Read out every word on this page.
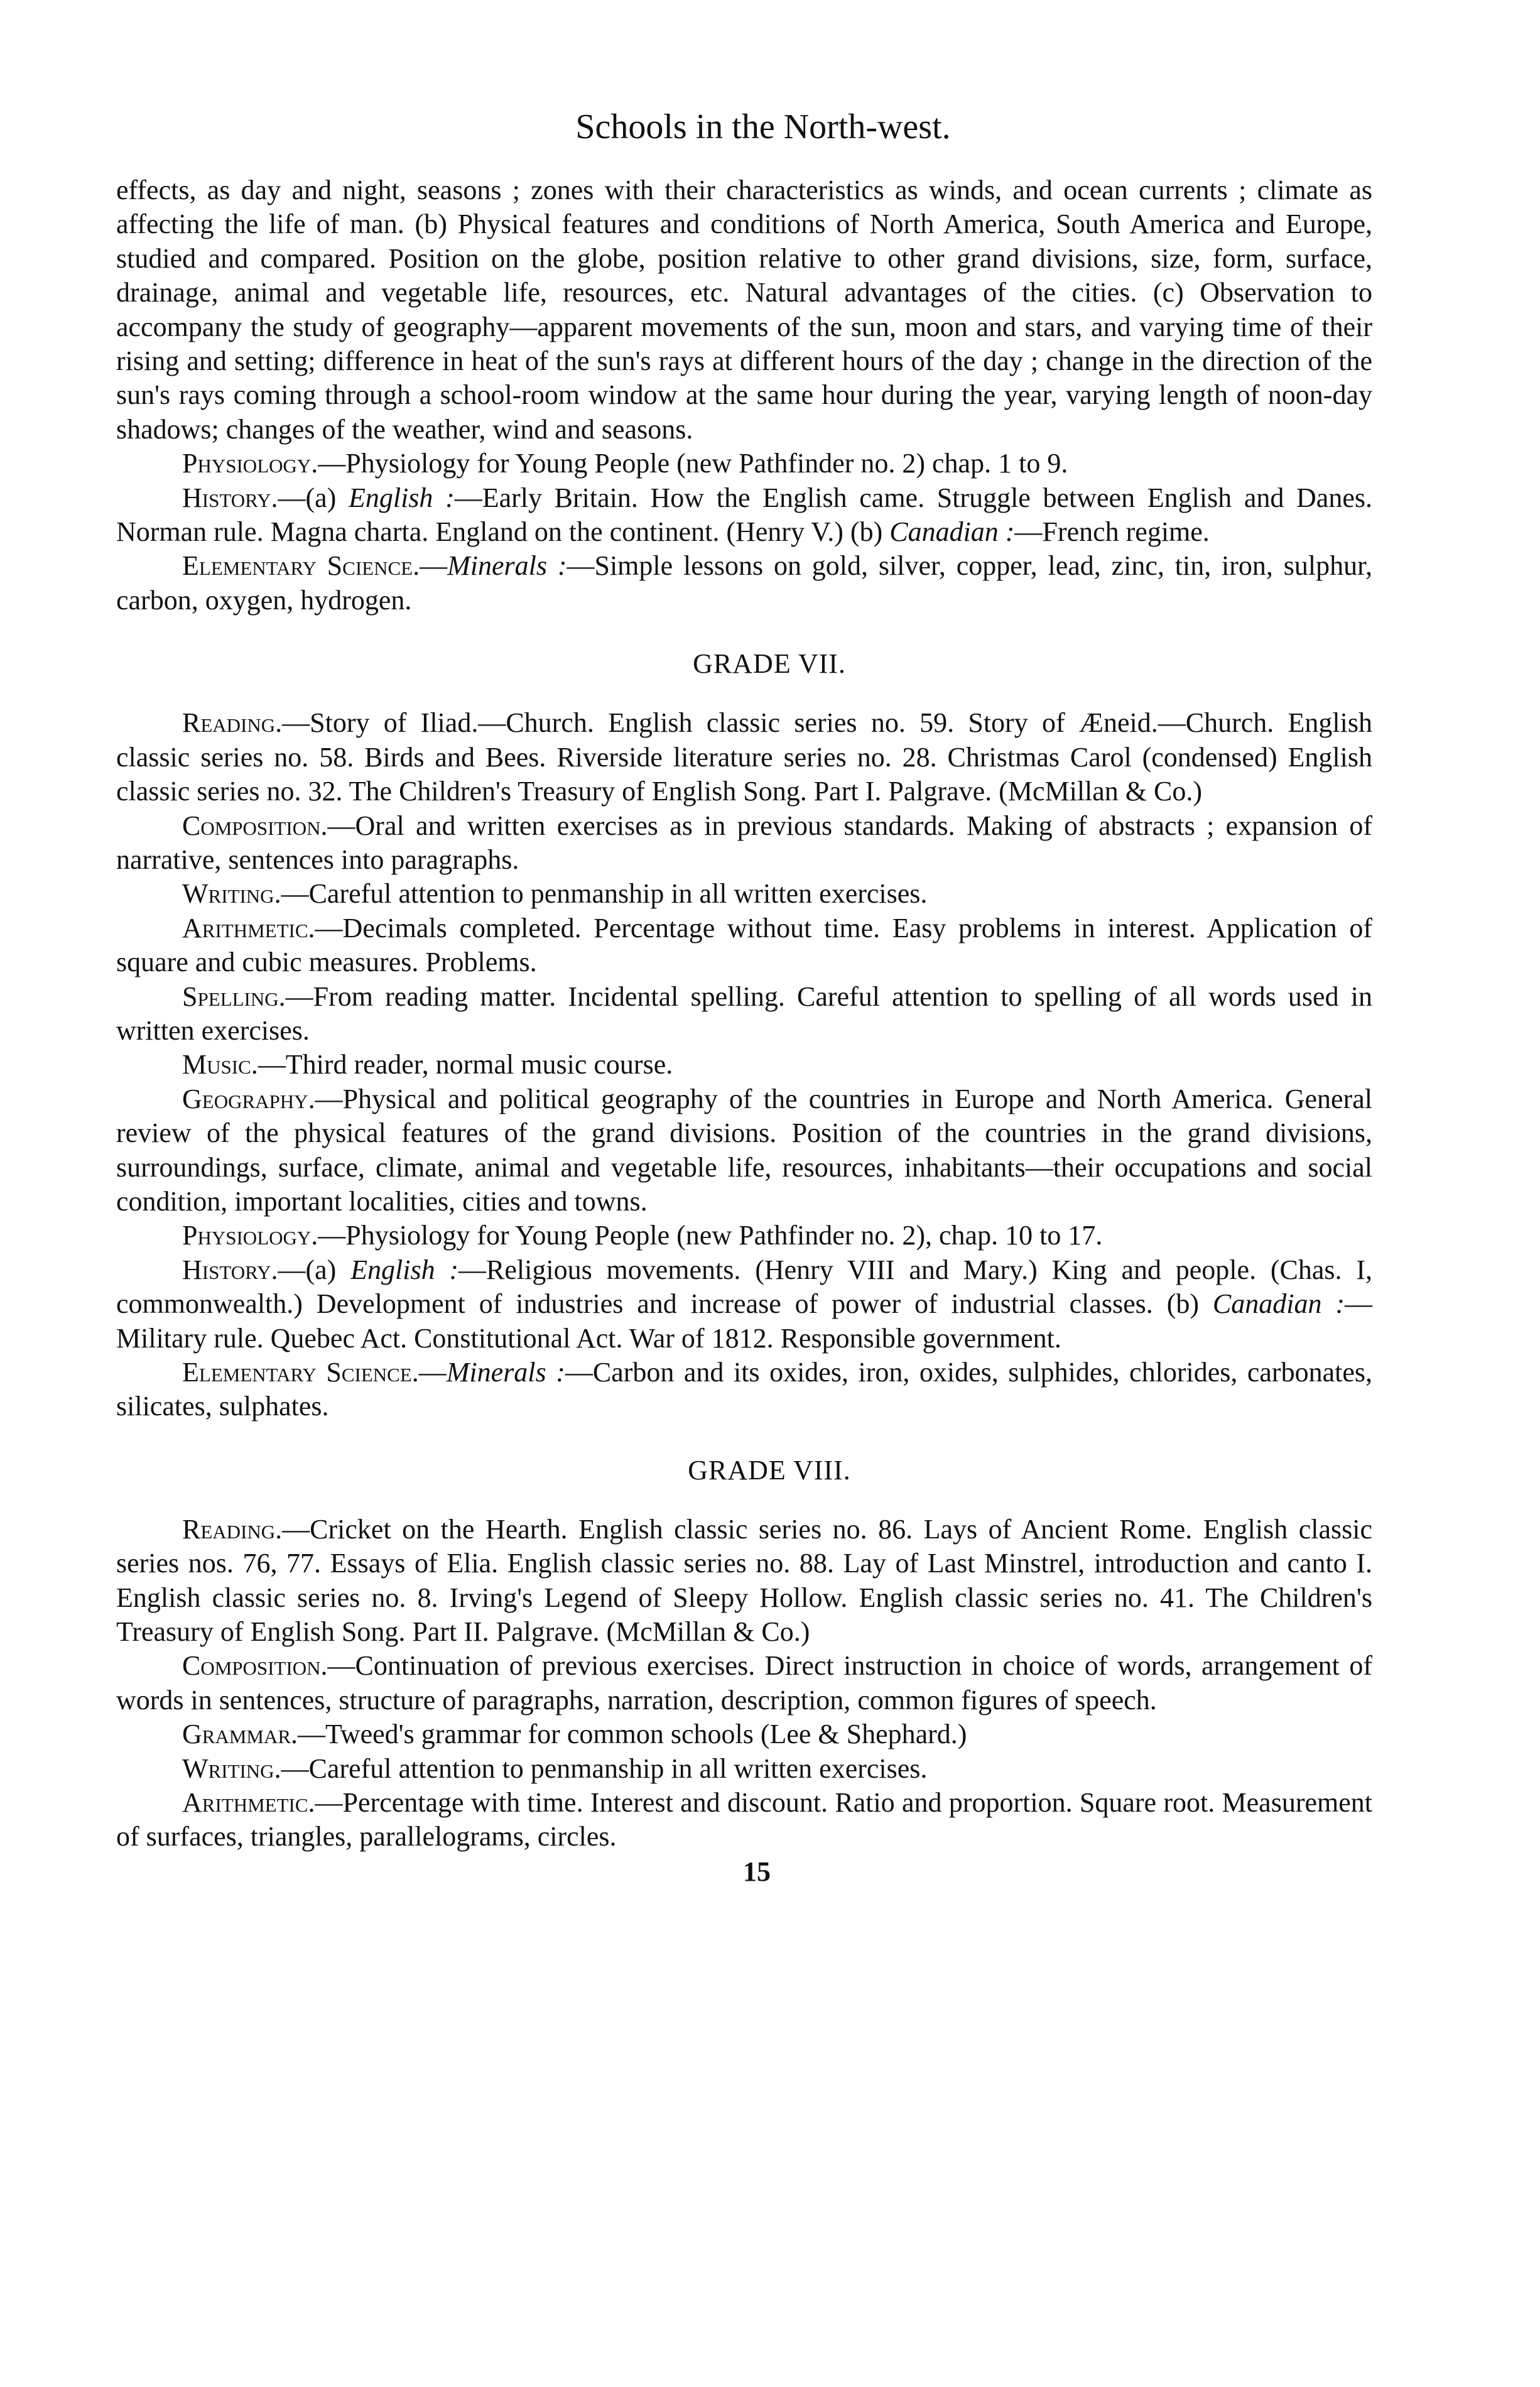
Schools in the North-west.

effects, as day and night, seasons ; zones with their characteristics as winds, and ocean currents ; climate as affecting the life of man. (b) Physical features and conditions of North America, South America and Europe, studied and compared. Position on the globe, position relative to other grand divisions, size, form, surface, drainage, animal and vegetable life, resources, etc. Natural advantages of the cities. (c) Observation to accompany the study of geography—apparent movements of the sun, moon and stars, and varying time of their rising and setting; difference in heat of the sun's rays at different hours of the day ; change in the direction of the sun's rays coming through a school-room window at the same hour during the year, varying length of noon-day shadows; changes of the weather, wind and seasons.

Physiology.—Physiology for Young People (new Pathfinder no. 2) chap. 1 to 9.

History.—(a) English :—Early Britain. How the English came. Struggle between English and Danes. Norman rule. Magna charta. England on the continent. (Henry V.) (b) Canadian :—French regime.

Elementary Science.—Minerals :—Simple lessons on gold, silver, copper, lead, zinc, tin, iron, sulphur, carbon, oxygen, hydrogen.

GRADE VII.

Reading.—Story of Iliad.—Church. English classic series no. 59. Story of Æneid.—Church. English classic series no. 58. Birds and Bees. Riverside literature series no. 28. Christmas Carol (condensed) English classic series no. 32. The Children's Treasury of English Song. Part I. Palgrave. (McMillan & Co.)

Composition.—Oral and written exercises as in previous standards. Making of abstracts ; expansion of narrative, sentences into paragraphs.

Writing.—Careful attention to penmanship in all written exercises.

Arithmetic.—Decimals completed. Percentage without time. Easy problems in interest. Application of square and cubic measures. Problems.

Spelling.—From reading matter. Incidental spelling. Careful attention to spelling of all words used in written exercises.

Music.—Third reader, normal music course.

Geography.—Physical and political geography of the countries in Europe and North America. General review of the physical features of the grand divisions. Position of the countries in the grand divisions, surroundings, surface, climate, animal and vegetable life, resources, inhabitants—their occupations and social condition, important localities, cities and towns.

Physiology.—Physiology for Young People (new Pathfinder no. 2), chap. 10 to 17.

History.—(a) English :—Religious movements. (Henry VIII and Mary.) King and people. (Chas. I, commonwealth.) Development of industries and increase of power of industrial classes. (b) Canadian :—Military rule. Quebec Act. Constitutional Act. War of 1812. Responsible government.

Elementary Science.—Minerals :—Carbon and its oxides, iron, oxides, sulphides, chlorides, carbonates, silicates, sulphates.

GRADE VIII.

Reading.—Cricket on the Hearth. English classic series no. 86. Lays of Ancient Rome. English classic series nos. 76, 77. Essays of Elia. English classic series no. 88. Lay of Last Minstrel, introduction and canto I. English classic series no. 8. Irving's Legend of Sleepy Hollow. English classic series no. 41. The Children's Treasury of English Song. Part II. Palgrave. (McMillan & Co.)

Composition.—Continuation of previous exercises. Direct instruction in choice of words, arrangement of words in sentences, structure of paragraphs, narration, description, common figures of speech.

Grammar.—Tweed's grammar for common schools (Lee & Shephard.)

Writing.—Careful attention to penmanship in all written exercises.

Arithmetic.—Percentage with time. Interest and discount. Ratio and proportion. Square root. Measurement of surfaces, triangles, parallelograms, circles.

15
